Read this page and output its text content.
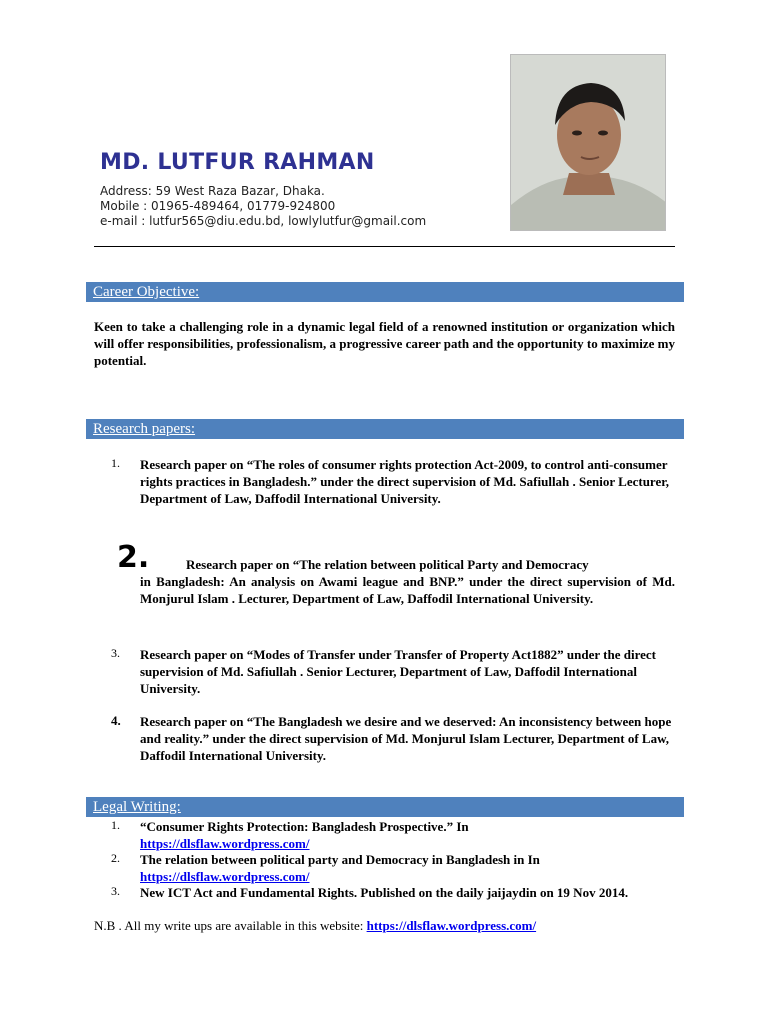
MD. LUTFUR RAHMAN
Address: 59 West Raza Bazar, Dhaka.
Mobile : 01965-489464, 01779-924800
e-mail : lutfur565@diu.edu.bd, lowlylutfur@gmail.com
Career Objective:
Keen to take a challenging role in a dynamic legal field of a renowned institution or organization which will offer responsibilities, professionalism, a progressive career path and the opportunity to maximize my potential.
Research papers:
1.	Research paper on “The roles of consumer rights protection Act-2009, to control anti-consumer rights practices in Bangladesh.” under the direct supervision of Md. Safiullah . Senior Lecturer, Department of Law, Daffodil International University.
2.	Research paper on “The relation between political Party and Democracy
in Bangladesh: An analysis on Awami league and BNP.” under the direct supervision of Md. Monjurul Islam . Lecturer, Department of Law, Daffodil International University.
3.	Research paper on “Modes of Transfer under Transfer of Property Act1882” under the direct supervision of Md. Safiullah . Senior Lecturer, Department of Law, Daffodil International University.
4.	Research paper on “The Bangladesh we desire and we deserved: An inconsistency between hope and reality.” under the direct supervision of Md. Monjurul Islam Lecturer, Department of Law, Daffodil International University.
Legal Writing:
1.	“Consumer Rights Protection: Bangladesh Prospective.” In
https://dlsflaw.wordpress.com/
2.	The relation between political party and Democracy in Bangladesh in In
https://dlsflaw.wordpress.com/
3.	New ICT Act and Fundamental Rights. Published on the daily jaijaydin on 19 Nov 2014.
N.B . All my write ups are available in this website: https://dlsflaw.wordpress.com/
